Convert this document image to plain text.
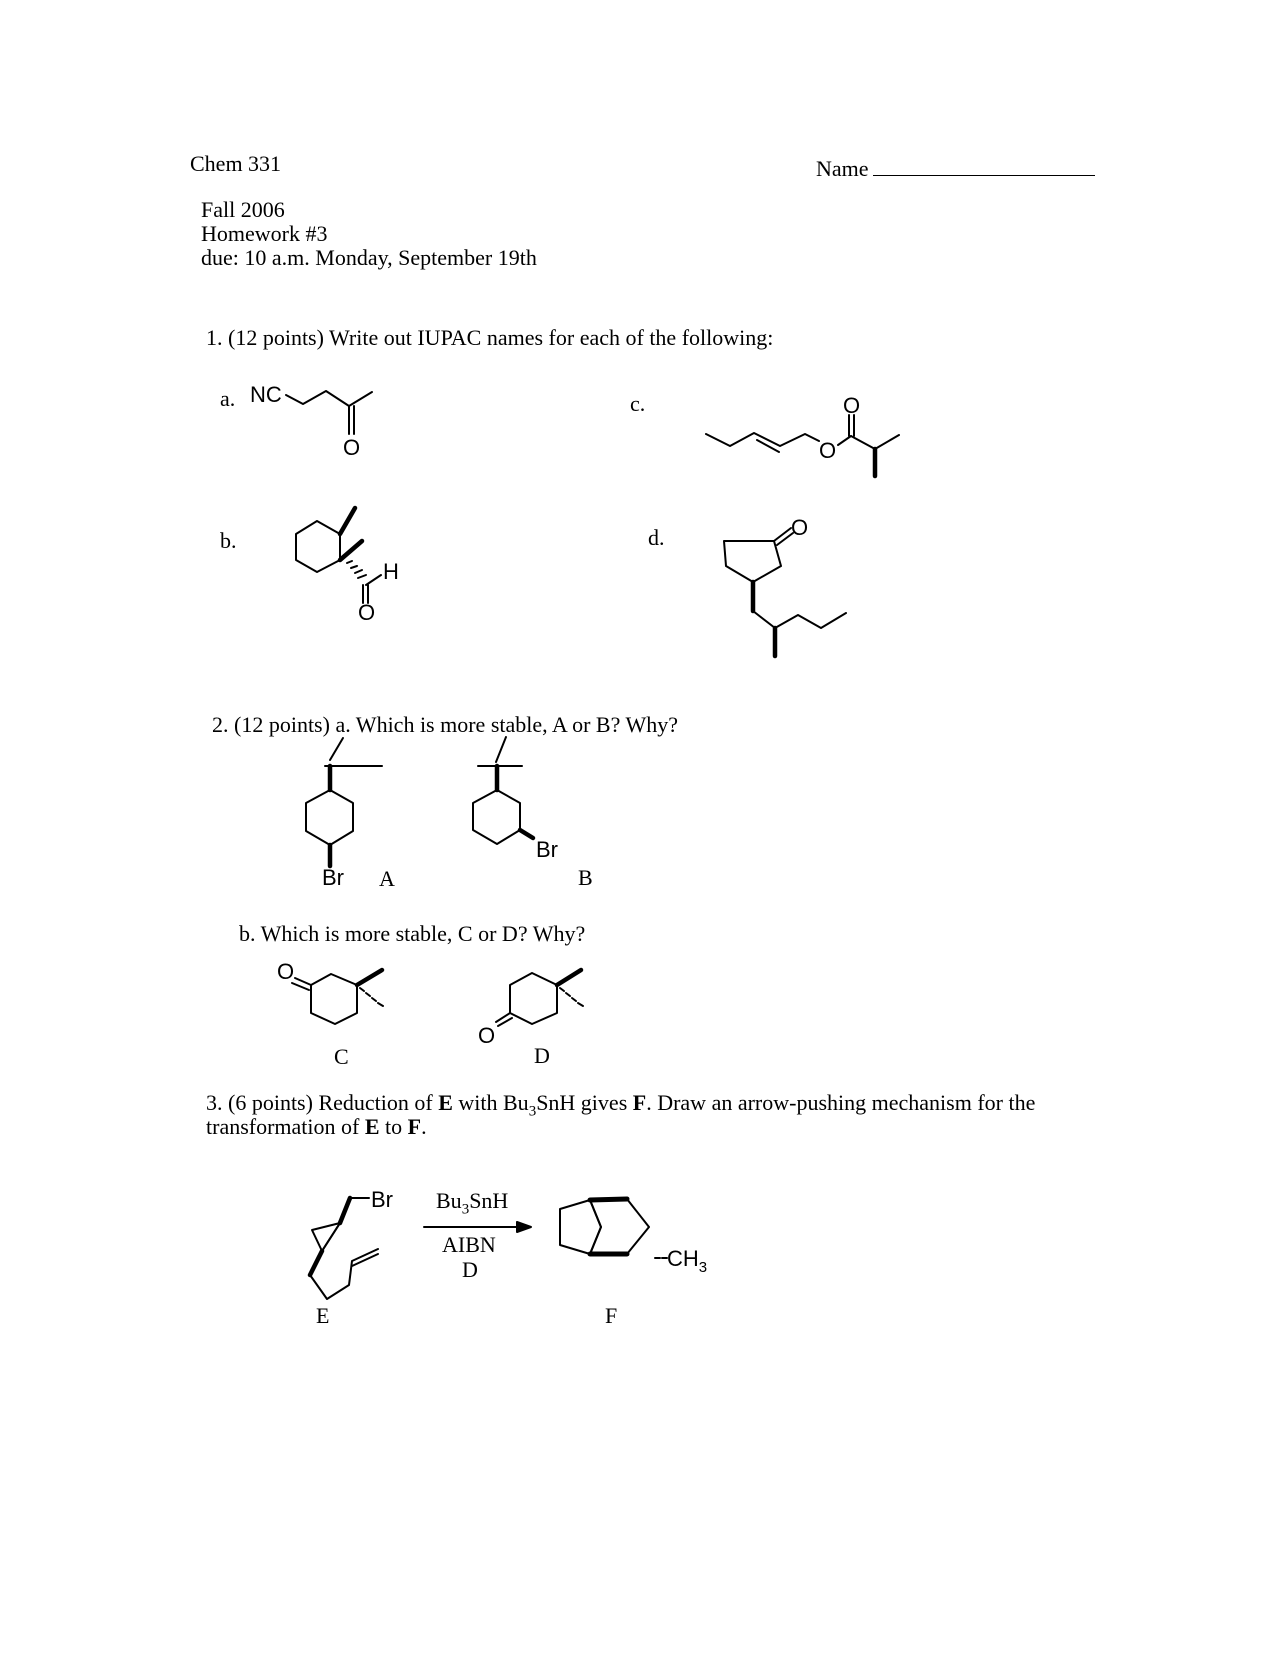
Chem 331	Name
Fall 2006
Homework #3
due: 10 a.m. Monday, September 19th
1. (12 points) Write out IUPAC names for each of the following:
a.
b.
c.
d.
2. (12 points) a. Which is more stable, A or B? Why?
A	B
b. Which is more stable, C or D? Why?
C	D
3. (6 points) Reduction of E with $Bu_3SnH$ gives F. Draw an arrow-pushing mechanism for the
transformation of E to F.
$Bu_3SnH$
AIBN
D
E	F
NC
O
H
O
O
O
O
Br
Br
O
O
Br
$CH_3$
